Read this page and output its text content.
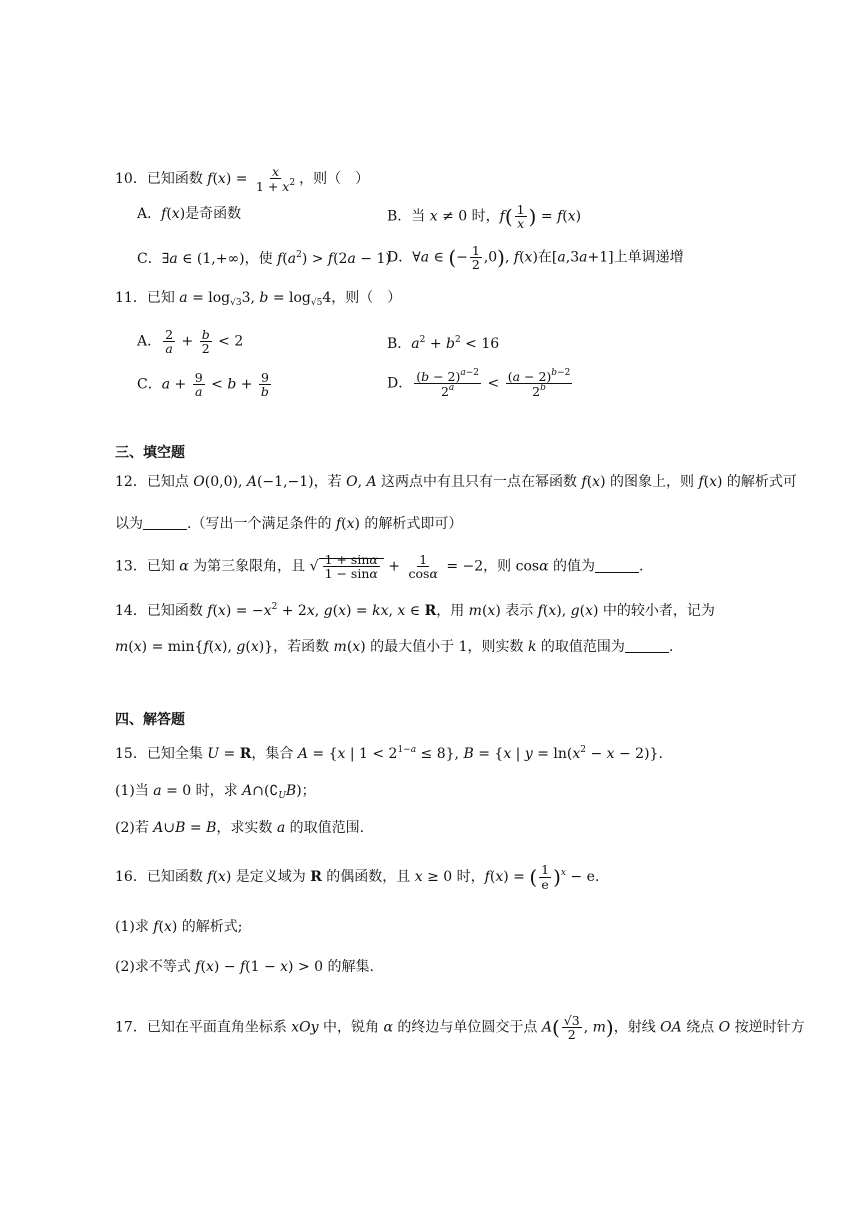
10．已知函数 $f(x) = \frac{x}{1 + x^2}$ ，则（　）
A．f(x)是奇函数	B．当 x ≠ 0 时，$f( \frac{1}{x}$ ) = f(x)
C．∃a ∈ (1,+∞)，使 $f(a^2) > f(2a - 1)$
D．∀a ∈ (− $\frac{1}{2} ,0$), f(x)在[a,3a+1]上单调递增
11．已知 $a = \log_{√3}3$, $b = \log_{√5}4$，则（　）
A． $\frac{2}{a} + \frac{b}{2} < 2$	B．$a^2 + b^2 < 16$
C．$a + \frac{9}{a} < b + \frac{9}{b}$	D． $\frac{(b - 2)^{a-2}}{2^a} < \frac{(a - 2)^{b-2}}{2^b}$
三、填空题
12．已知点 O(0,0), A(−1,−1)，若 O, A 这两点中有且只有一点在幂函数 f(x) 的图象上，则 f(x) 的解析式可
以为	.（写出一个满足条件的 f(x) 的解析式即可）
13．已知 α 为第三象限角，且 √ $\frac{1 + \sin\alpha}{1 - \sin\alpha} + \frac{1}{\cos\alpha} = -2$，则 cosα 的值为	.
14．已知函数 $f(x) = -x^2 + 2x$, g(x) = kx, x ∈ R，用 m(x) 表示 f(x), g(x) 中的较小者，记为
m(x) = min{f(x), g(x)}，若函数 m(x) 的最大值小于 1，则实数 k 的取值范围为	.
四、解答题
15．已知全集 U = R，集合 A = {x | $1 < 2^{1-a} \le 8$}, B = {x | $y = \ln(x^2 - x - 2)$}.
(1)当 a = 0 时，求 $A\cap(∁_UB)$；
(2)若 A∪B = B，求实数 a 的取值范围.
16．已知函数 f(x) 是定义域为 R 的偶函数，且 x ≥ 0 时，f(x) = ( $\frac{1}{e} )^x - e$.
(1)求 f(x) 的解析式;
(2)求不等式 f(x) − f(1 − x) > 0 的解集.
17．已知在平面直角坐标系 xOy 中，锐角 α 的终边与单位圆交于点 $A( \frac{√3}{2}$ , m)，射线 OA 绕点 O 按逆时针方
